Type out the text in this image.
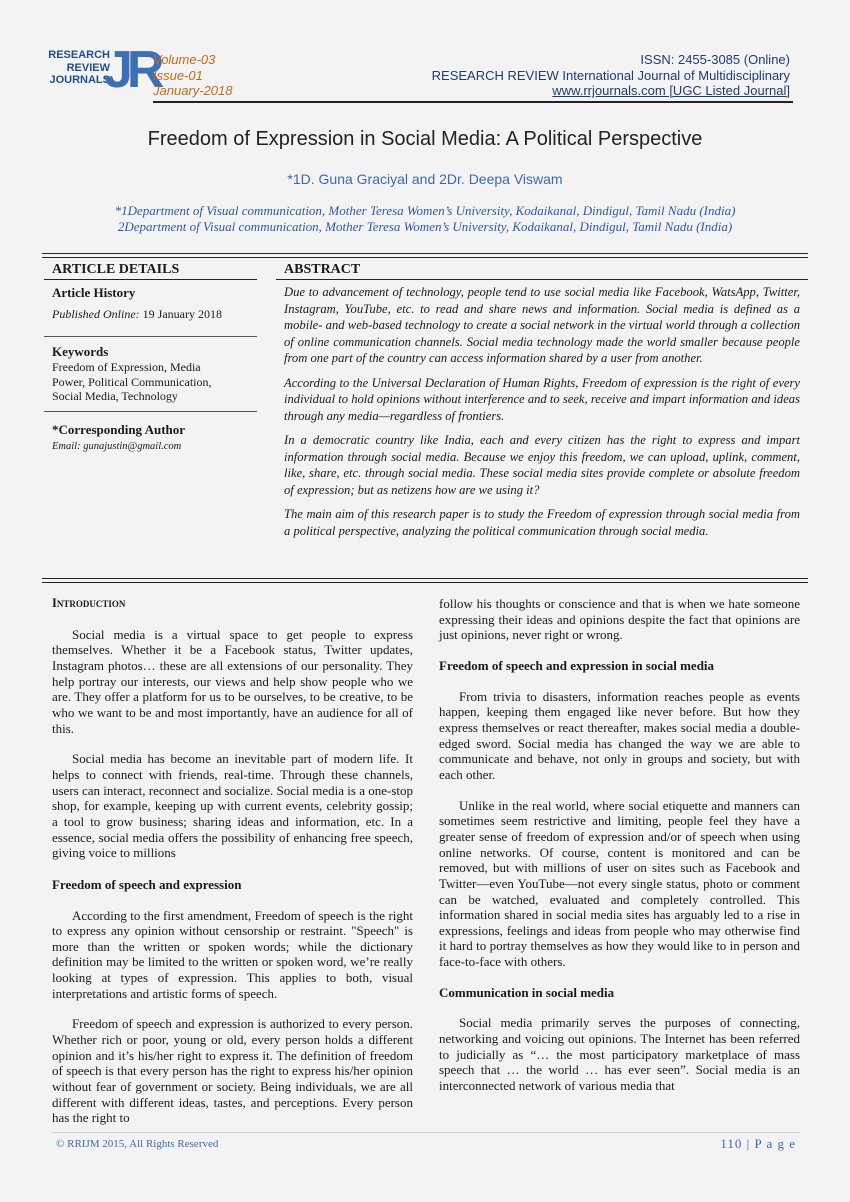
RESEARCH
REVIEW
JOURNALS
JR
Volume-03
Issue-01
January-2018
ISSN: 2455-3085 (Online)
RESEARCH REVIEW International Journal of Multidisciplinary
www.rrjournals.com [UGC Listed Journal]
Freedom of Expression in Social Media: A Political Perspective
*1D. Guna Graciyal and 2Dr. Deepa Viswam
*1Department of Visual communication, Mother Teresa Women’s University, Kodaikanal, Dindigul, Tamil Nadu (India)
2Department of Visual communication, Mother Teresa Women’s University, Kodaikanal, Dindigul, Tamil Nadu (India)
ARTICLE DETAILS	ABSTRACT
Article History
Published Online: 19 January 2018
Keywords
Freedom of Expression, Media Power, Political Communication, Social Media, Technology
*Corresponding Author
Email: gunajustin@gmail.com

Due to advancement of technology, people tend to use social media like Facebook, WatsApp, Twitter, Instagram, YouTube, etc. to read and share news and information. Social media is defined as a mobile- and web-based technology to create a social network in the virtual world through a collection of online communication channels. Social media technology made the world smaller because people from one part of the country can access information shared by a user from another.

According to the Universal Declaration of Human Rights, Freedom of expression is the right of every individual to hold opinions without interference and to seek, receive and impart information and ideas through any media—regardless of frontiers.

In a democratic country like India, each and every citizen has the right to express and impart information through social media. Because we enjoy this freedom, we can upload, uplink, comment, like, share, etc. through social media. These social media sites provide complete or absolute freedom of expression; but as netizens how are we using it?

The main aim of this research paper is to study the Freedom of expression through social media from a political perspective, analyzing the political communication through social media.

Introduction

Social media is a virtual space to get people to express themselves. Whether it be a Facebook status, Twitter updates, Instagram photos… these are all extensions of our personality. They help portray our interests, our views and help show people who we are. They offer a platform for us to be ourselves, to be creative, to be who we want to be and most importantly, have an audience for all of this.

Social media has become an inevitable part of modern life. It helps to connect with friends, real-time. Through these channels, users can interact, reconnect and socialize. Social media is a one-stop shop, for example, keeping up with current events, celebrity gossip; a tool to grow business; sharing ideas and information, etc. In a essence, social media offers the possibility of enhancing free speech, giving voice to millions

Freedom of speech and expression

According to the first amendment, Freedom of speech is the right to express any opinion without censorship or restraint. "Speech" is more than the written or spoken words; while the dictionary definition may be limited to the written or spoken word, we’re really looking at types of expression. This applies to both, visual interpretations and artistic forms of speech.

Freedom of speech and expression is authorized to every person. Whether rich or poor, young or old, every person holds a different opinion and it’s his/her right to express it. The definition of freedom of speech is that every person has the right to express his/her opinion without fear of government or society. Being individuals, we are all different with different ideas, tastes, and perceptions. Every person has the right to

follow his thoughts or conscience and that is when we hate someone expressing their ideas and opinions despite the fact that opinions are just opinions, never right or wrong.

Freedom of speech and expression in social media

From trivia to disasters, information reaches people as events happen, keeping them engaged like never before. But how they express themselves or react thereafter, makes social media a double-edged sword. Social media has changed the way we are able to communicate and behave, not only in groups and society, but with each other.

Unlike in the real world, where social etiquette and manners can sometimes seem restrictive and limiting, people feel they have a greater sense of freedom of expression and/or of speech when using online networks. Of course, content is monitored and can be removed, but with millions of user on sites such as Facebook and Twitter—even YouTube—not every single status, photo or comment can be watched, evaluated and completely controlled. This information shared in social media sites has arguably led to a rise in expressions, feelings and ideas from people who may otherwise find it hard to portray themselves as how they would like to in person and face-to-face with others.

Communication in social media

Social media primarily serves the purposes of connecting, networking and voicing out opinions. The Internet has been referred to judicially as “… the most participatory marketplace of mass speech that … the world … has ever seen”. Social media is an interconnected network of various media that

© RRIJM 2015, All Rights Reserved	110 | P a g e
